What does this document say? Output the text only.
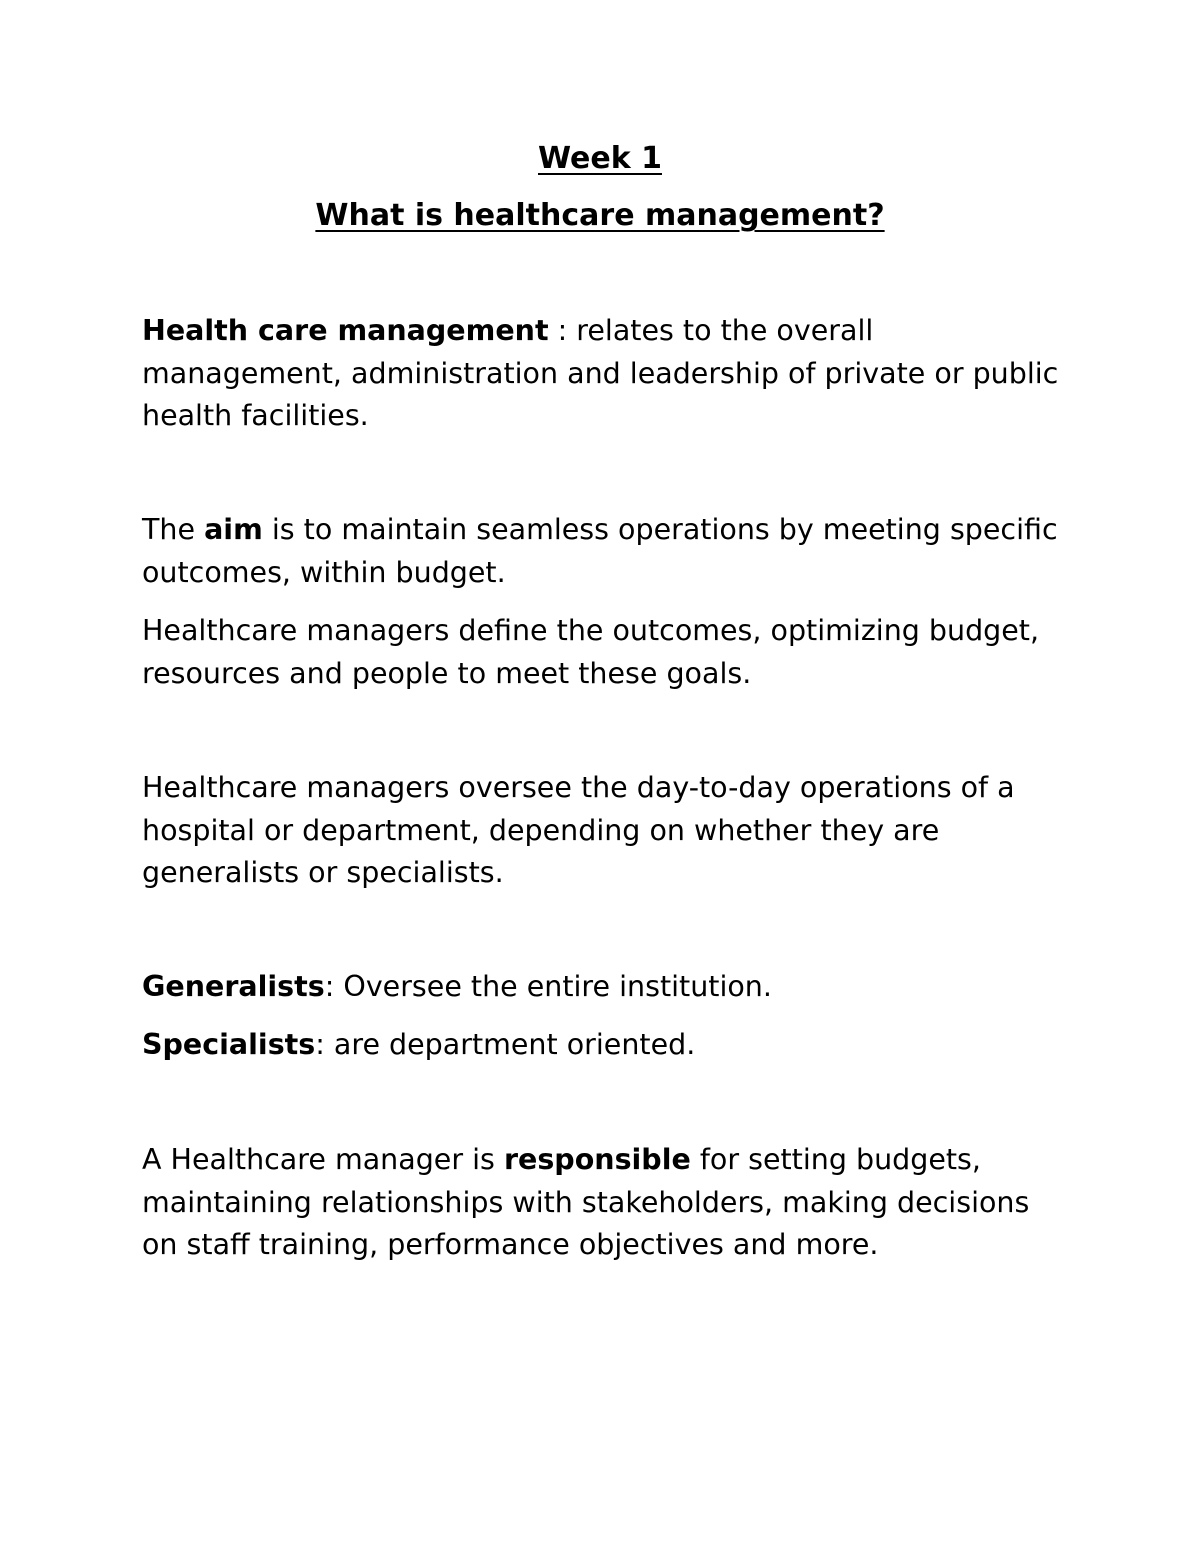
Week 1
What is healthcare management?

Health care management : relates to the overall management, administration and leadership of private or public health facilities.

The aim is to maintain seamless operations by meeting specific outcomes, within budget.

Healthcare managers define the outcomes, optimizing budget, resources and people to meet these goals.

Healthcare managers oversee the day-to-day operations of a hospital or department, depending on whether they are generalists or specialists.

Generalists: Oversee the entire institution.

Specialists: are department oriented.

A Healthcare manager is responsible for setting budgets, maintaining relationships with stakeholders, making decisions on staff training, performance objectives and more.
